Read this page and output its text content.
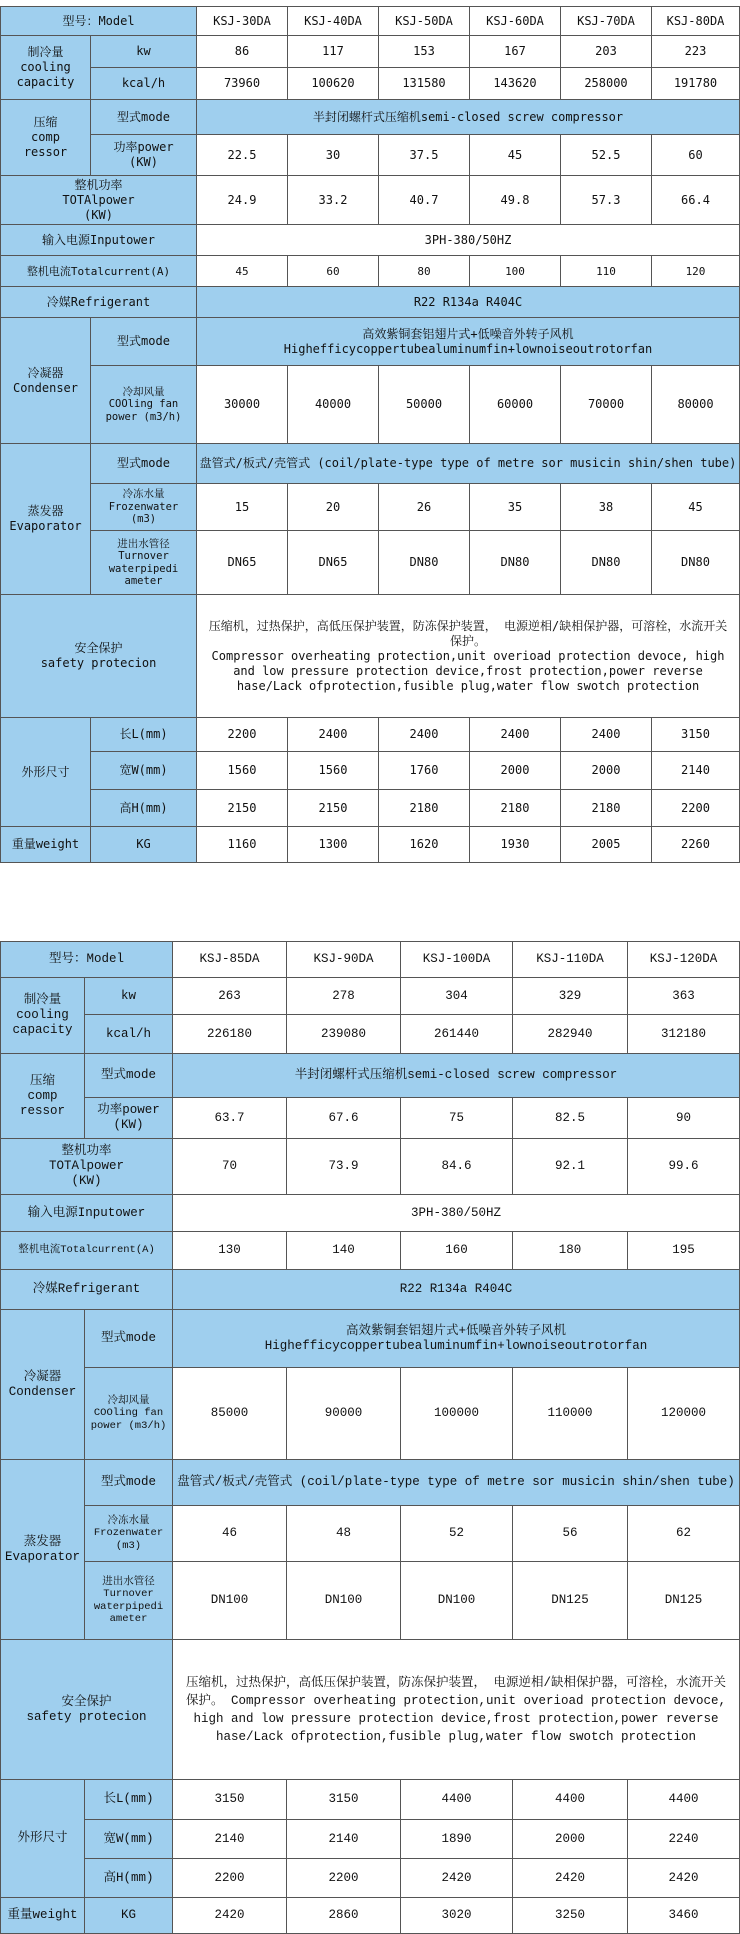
型号：Model		KSJ-30DA	KSJ-40DA	KSJ-50DA	KSJ-60DA	KSJ-70DA	KSJ-80DA
制冷量
cooling
capacity	kw	86	117	153	167	203	223
	kcal/h	73960	100620	131580	143620	258000	191780
压缩
comp
ressor	型式mode	半封闭螺杆式压缩机semi-closed screw compressor					
	功率power
(KW)	22.5	30	37.5	45	52.5	60
整机功率
TOTAlpower
(KW)		24.9	33.2	40.7	49.8	57.3	66.4
输入电源Inputower		3PH-380/50HZ					
整机电流Totalcurrent(A)		45	60	80	100	110	120
冷媒Refrigerant		R22 R134a R404C					
冷凝器
Condenser	型式mode	高效紫铜套铝翅片式+低噪音外转子风机
Highefficycoppertubealuminumfin+lownoiseoutrotorfan					
	冷却风量
COOling fan
power (m3/h)	30000	40000	50000	60000	70000	80000
蒸发器
Evaporator	型式mode	盘管式/板式/壳管式 (coil/plate-type type of metre sor musicin shin/shen tube)					
	冷冻水量
Frozenwater
(m3)	15	20	26	35	38	45
	进出水管径
Turnover
waterpipedi
ameter	DN65	DN65	DN80	DN80	DN80	DN80
安全保护
safety protecion		压缩机，过热保护，高低压保护装置，防冻保护装置， 电源逆相/缺相保护器，可溶栓，水流开关保护。
Compressor overheating protection,unit overioad protection devoce, high and low pressure protection device,frost protection,power reverse hase/Lack ofprotection,fusible plug,water flow swotch protection					
外形尺寸	长L(mm)	2200	2400	2400	2400	2400	3150
	宽W(mm)	1560	1560	1760	2000	2000	2140
	高H(mm)	2150	2150	2180	2180	2180	2200
重量weight	KG	1160	1300	1620	1930	2005	2260
型号：Model		KSJ-85DA	KSJ-90DA	KSJ-100DA	KSJ-110DA	KSJ-120DA
制冷量
cooling
capacity	kw	263	278	304	329	363
	kcal/h	226180	239080	261440	282940	312180
压缩
comp
ressor	型式mode	半封闭螺杆式压缩机semi-closed screw compressor				
	功率power
(KW)	63.7	67.6	75	82.5	90
整机功率
TOTAlpower
(KW)		70	73.9	84.6	92.1	99.6
输入电源Inputower		3PH-380/50HZ				
整机电流Totalcurrent(A)		130	140	160	180	195
冷媒Refrigerant		R22 R134a R404C				
冷凝器
Condenser	型式mode	高效紫铜套铝翅片式+低噪音外转子风机
Highefficycoppertubealuminumfin+lownoiseoutrotorfan				
	冷却风量
COOling fan
power (m3/h)	85000	90000	100000	110000	120000
蒸发器
Evaporator	型式mode	盘管式/板式/壳管式 (coil/plate-type type of metre sor musicin shin/shen tube)				
	冷冻水量
Frozenwater
(m3)	46	48	52	56	62
	进出水管径
Turnover
waterpipedi
ameter	DN100	DN100	DN100	DN125	DN125
安全保护
safety protecion		压缩机，过热保护，高低压保护装置，防冻保护装置， 电源逆相/缺相保护器，可溶栓，水流开关保护。 Compressor overheating protection,unit overioad protection devoce, high and low pressure protection device,frost protection,power reverse hase/Lack ofprotection,fusible plug,water flow swotch protection				
外形尺寸	长L(mm)	3150	3150	4400	4400	4400
	宽W(mm)	2140	2140	1890	2000	2240
	高H(mm)	2200	2200	2420	2420	2420
重量weight	KG	2420	2860	3020	3250	3460
